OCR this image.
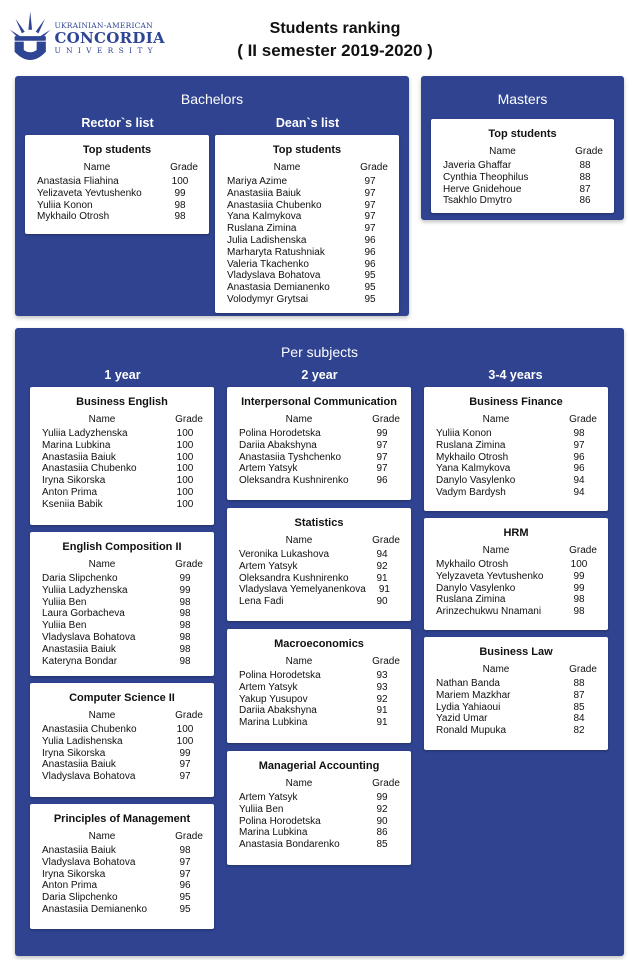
UKRAINIAN-AMERICAN
CONCORDIA
UNIVERSITY
Students ranking
( II semester 2019-2020 )
Bachelors
Rector`s list	Dean`s list
Top students
Name	Grade
Anastasia Fliahina	100
Yelizaveta Yevtushenko	99
Yuliia Konon	98
Mykhailo Otrosh	98
Top students
Name	Grade
Mariya Azime	97
Anastasiia Baiuk	97
Anastasiia Chubenko	97
Yana Kalmykova	97
Ruslana Zimina	97
Julia Ladishenska	96
Marharyta Ratushniak	96
Valeria Tkachenko	96
Vladyslava Bohatova	95
Anastasia Demianenko	95
Volodymyr Grytsai	95
Masters
Top students
Name	Grade
Javeria Ghaffar	88
Cynthia Theophilus	88
Herve Gnidehoue	87
Tsakhlo Dmytro	86
Per subjects
1 year	2 year	3-4 years
Business English
Name	Grade
Yuliia Ladyzhenska	100
Marina Lubkina	100
Anastasiia Baiuk	100
Anastasiia Chubenko	100
Iryna Sikorska	100
Anton Prima	100
Kseniia Babik	100
English Composition II
Name	Grade
Daria Slipchenko	99
Yuliia Ladyzhenska	99
Yuliia Ben	98
Laura Gorbacheva	98
Yuliia Ben	98
Vladyslava Bohatova	98
Anastasiia Baiuk	98
Kateryna Bondar	98
Computer Science II
Name	Grade
Anastasiia Chubenko	100
Yulia Ladishenska	100
Iryna Sikorska	99
Anastasiia Baiuk	97
Vladyslava Bohatova	97
Principles of Management
Name	Grade
Anastasiia Baiuk	98
Vladyslava Bohatova	97
Iryna Sikorska	97
Anton Prima	96
Daria Slipchenko	95
Anastasiia Demianenko	95
Interpersonal Communication
Name	Grade
Polina Horodetska	99
Dariia Abakshyna	97
Anastasiia Tyshchenko	97
Artem Yatsyk	97
Oleksandra Kushnirenko	96
Statistics
Name	Grade
Veronika Lukashova	94
Artem Yatsyk	92
Oleksandra Kushnirenko	91
Vladyslava Yemelyanenkova	91
Lena Fadi	90
Macroeconomics
Name	Grade
Polina Horodetska	93
Artem Yatsyk	93
Yakup Yusupov	92
Dariia Abakshyna	91
Marina Lubkina	91
Managerial Accounting
Name	Grade
Artem Yatsyk	99
Yuliia Ben	92
Polina Horodetska	90
Marina Lubkina	86
Anastasia Bondarenko	85
Business Finance
Name	Grade
Yuliia Konon	98
Ruslana Zimina	97
Mykhailo Otrosh	96
Yana Kalmykova	96
Danylo Vasylenko	94
Vadym Bardysh	94
HRM
Name	Grade
Mykhailo Otrosh	100
Yelyzaveta Yevtushenko	99
Danylo Vasylenko	99
Ruslana Zimina	98
Arinzechukwu Nnamani	98
Business Law
Name	Grade
Nathan Banda	88
Mariem Mazkhar	87
Lydia Yahiaoui	85
Yazid Umar	84
Ronald Mupuka	82
